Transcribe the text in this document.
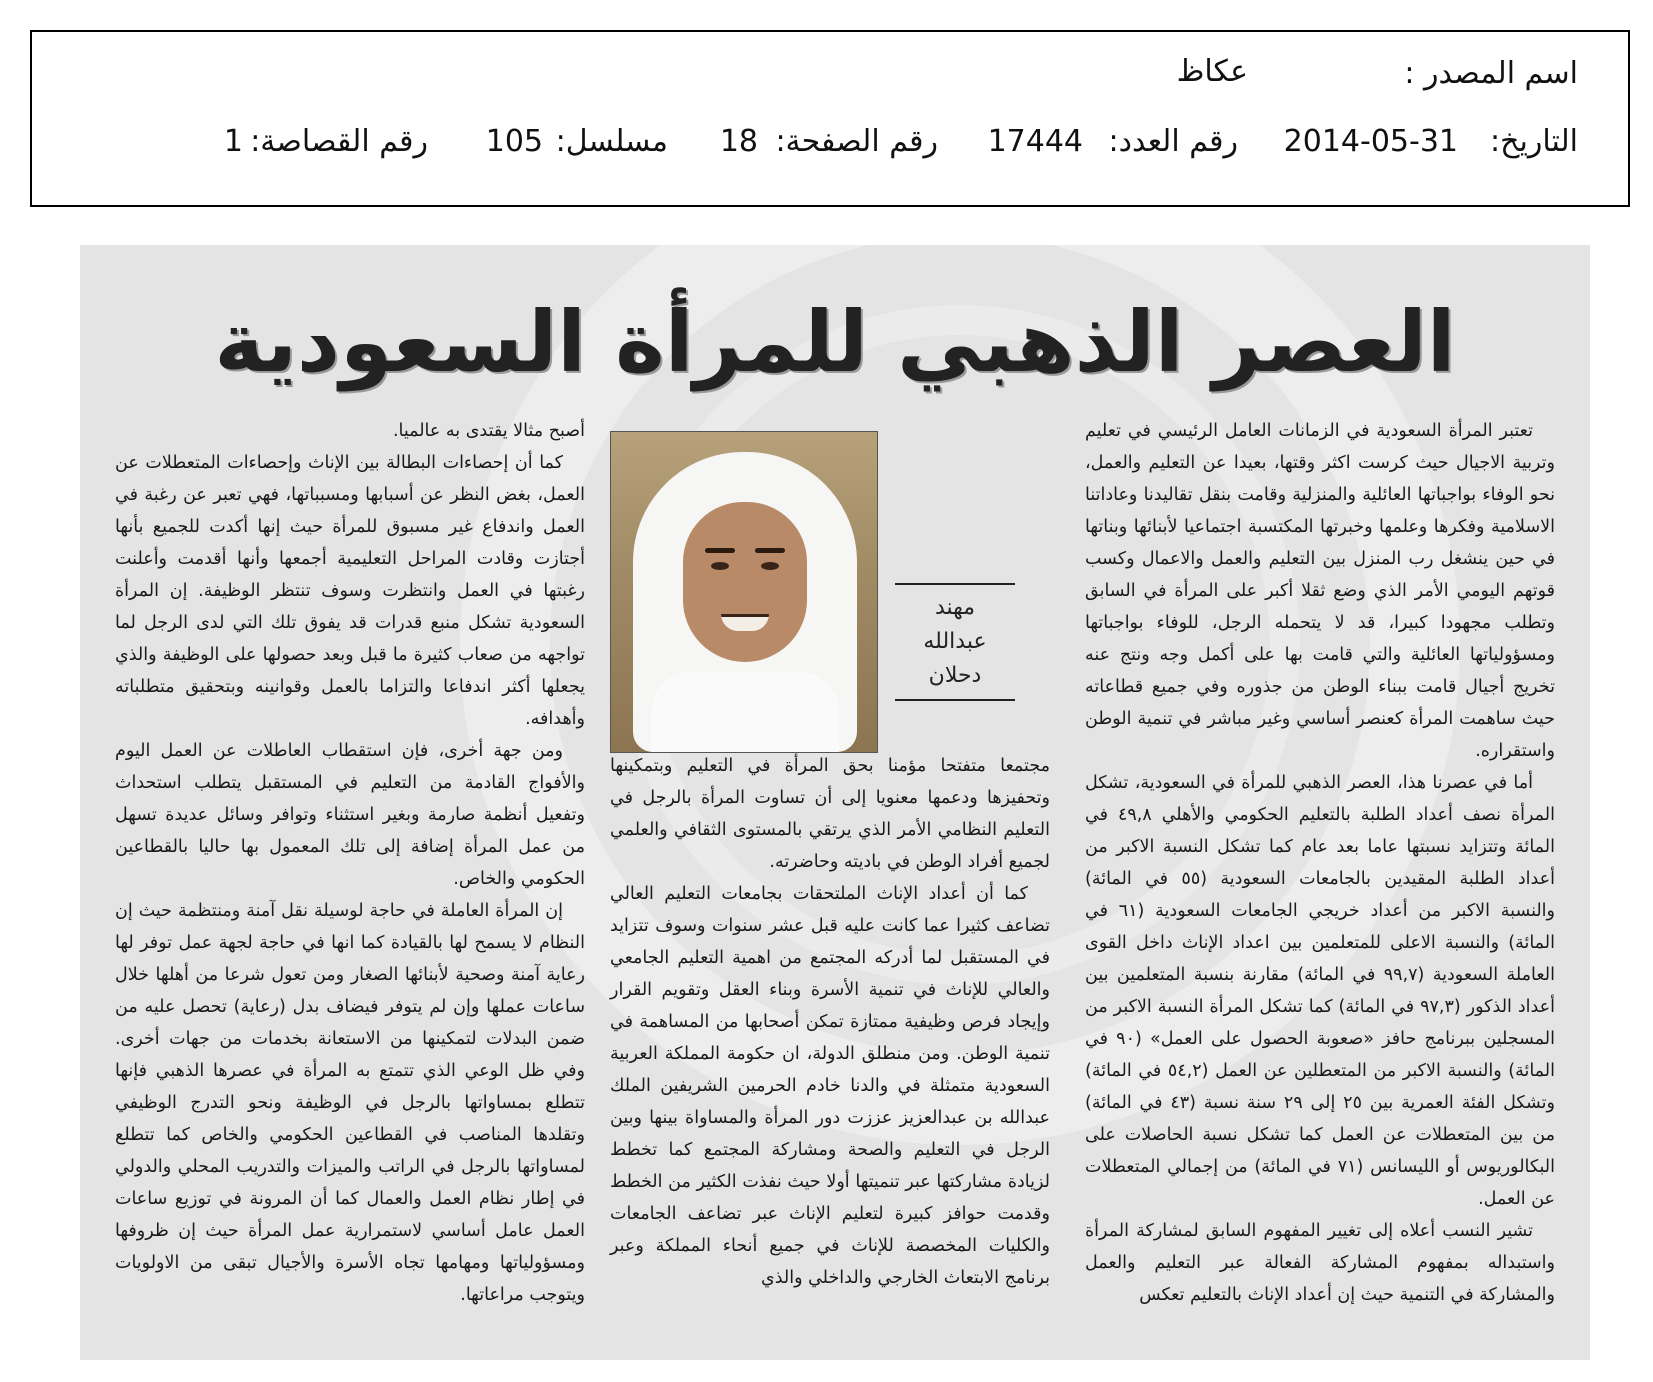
اسم المصدر :
عكاظ
التاريخ:
2014-05-31
رقم العدد:
17444
رقم الصفحة:
18
مسلسل:
105
رقم القصاصة:
1
العصر الذهبي للمرأة السعودية

تعتبر المرأة السعودية في الزمانات العامل الرئيسي في تعليم وتربية الاجيال حيث كرست اكثر وقتها، بعيدا عن التعليم والعمل، نحو الوفاء بواجباتها العائلية والمنزلية وقامت بنقل تقاليدنا وعاداتنا الاسلامية وفكرها وعلمها وخبرتها المكتسبة اجتماعيا لأبنائها وبناتها في حين ينشغل رب المنزل بين التعليم والعمل والاعمال وكسب قوتهم اليومي الأمر الذي وضع ثقلا أكبر على المرأة في السابق وتطلب مجهودا كبيرا، قد لا يتحمله الرجل، للوفاء بواجباتها ومسؤولياتها العائلية والتي قامت بها على أكمل وجه ونتج عنه تخريج أجيال قامت ببناء الوطن من جذوره وفي جميع قطاعاته حيث ساهمت المرأة كعنصر أساسي وغير مباشر في تنمية الوطن واستقراره.

أما في عصرنا هذا، العصر الذهبي للمرأة في السعودية، تشكل المرأة نصف أعداد الطلبة بالتعليم الحكومي والأهلي ٤٩,٨ في المائة وتتزايد نسبتها عاما بعد عام كما تشكل النسبة الاكبر من أعداد الطلبة المقيدين بالجامعات السعودية (٥٥ في المائة) والنسبة الاكبر من أعداد خريجي الجامعات السعودية (٦١ في المائة) والنسبة الاعلى للمتعلمين بين اعداد الإناث داخل القوى العاملة السعودية (٩٩,٧ في المائة) مقارنة بنسبة المتعلمين بين أعداد الذكور (٩٧,٣ في المائة) كما تشكل المرأة النسبة الاكبر من المسجلين ببرنامج حافز «صعوبة الحصول على العمل» (٩٠ في المائة) والنسبة الاكبر من المتعطلين عن العمل (٥٤,٢ في المائة) وتشكل الفئة العمرية بين ٢٥ إلى ٢٩ سنة نسبة (٤٣ في المائة) من بين المتعطلات عن العمل كما تشكل نسبة الحاصلات على البكالوريوس أو الليسانس (٧١ في المائة) من إجمالي المتعطلات عن العمل.

تشير النسب أعلاه إلى تغيير المفهوم السابق لمشاركة المرأة واستبداله بمفهوم المشاركة الفعالة عبر التعليم والعمل والمشاركة في التنمية حيث إن أعداد الإناث بالتعليم تعكس

مهند
عبدالله
دحلان

مجتمعا متفتحا مؤمنا بحق المرأة في التعليم وبتمكينها وتحفيزها ودعمها معنويا إلى أن تساوت المرأة بالرجل في التعليم النظامي الأمر الذي يرتقي بالمستوى الثقافي والعلمي لجميع أفراد الوطن في باديته وحاضرته.

كما أن أعداد الإناث الملتحقات بجامعات التعليم العالي تضاعف كثيرا عما كانت عليه قبل عشر سنوات وسوف تتزايد في المستقبل لما أدركه المجتمع من اهمية التعليم الجامعي والعالي للإناث في تنمية الأسرة وبناء العقل وتقويم القرار وإيجاد فرص وظيفية ممتازة تمكن أصحابها من المساهمة في تنمية الوطن. ومن منطلق الدولة، ان حكومة المملكة العربية السعودية متمثلة في والدنا خادم الحرمين الشريفين الملك عبدالله بن عبدالعزيز عززت دور المرأة والمساواة بينها وبين الرجل في التعليم والصحة ومشاركة المجتمع كما تخطط لزيادة مشاركتها عبر تنميتها أولا حيث نفذت الكثير من الخطط وقدمت حوافز كبيرة لتعليم الإناث عبر تضاعف الجامعات والكليات المخصصة للإناث في جميع أنحاء المملكة وعبر برنامج الابتعاث الخارجي والداخلي والذي

أصبح مثالا يقتدى به عالميا.

كما أن إحصاءات البطالة بين الإناث وإحصاءات المتعطلات عن العمل، بغض النظر عن أسبابها ومسبباتها، فهي تعبر عن رغبة في العمل واندفاع غير مسبوق للمرأة حيث إنها أكدت للجميع بأنها أجتازت وقادت المراحل التعليمية أجمعها وأنها أقدمت وأعلنت رغبتها في العمل وانتظرت وسوف تنتظر الوظيفة. إن المرأة السعودية تشكل منبع قدرات قد يفوق تلك التي لدى الرجل لما تواجهه من صعاب كثيرة ما قبل وبعد حصولها على الوظيفة والذي يجعلها أكثر اندفاعا والتزاما بالعمل وقوانينه وبتحقيق متطلباته وأهدافه.

ومن جهة أخرى، فإن استقطاب العاطلات عن العمل اليوم والأفواج القادمة من التعليم في المستقبل يتطلب استحداث وتفعيل أنظمة صارمة وبغير استثناء وتوافر وسائل عديدة تسهل من عمل المرأة إضافة إلى تلك المعمول بها حاليا بالقطاعين الحكومي والخاص.

إن المرأة العاملة في حاجة لوسيلة نقل آمنة ومنتظمة حيث إن النظام لا يسمح لها بالقيادة كما انها في حاجة لجهة عمل توفر لها رعاية آمنة وصحية لأبنائها الصغار ومن تعول شرعا من أهلها خلال ساعات عملها وإن لم يتوفر فيضاف بدل (رعاية) تحصل عليه من ضمن البدلات لتمكينها من الاستعانة بخدمات من جهات أخرى. وفي ظل الوعي الذي تتمتع به المرأة في عصرها الذهبي فإنها تتطلع بمساواتها بالرجل في الوظيفة ونحو التدرج الوظيفي وتقلدها المناصب في القطاعين الحكومي والخاص كما تتطلع لمساواتها بالرجل في الراتب والميزات والتدريب المحلي والدولي في إطار نظام العمل والعمال كما أن المرونة في توزيع ساعات العمل عامل أساسي لاستمرارية عمل المرأة حيث إن ظروفها ومسؤولياتها ومهامها تجاه الأسرة والأجيال تبقى من الاولويات ويتوجب مراعاتها.
